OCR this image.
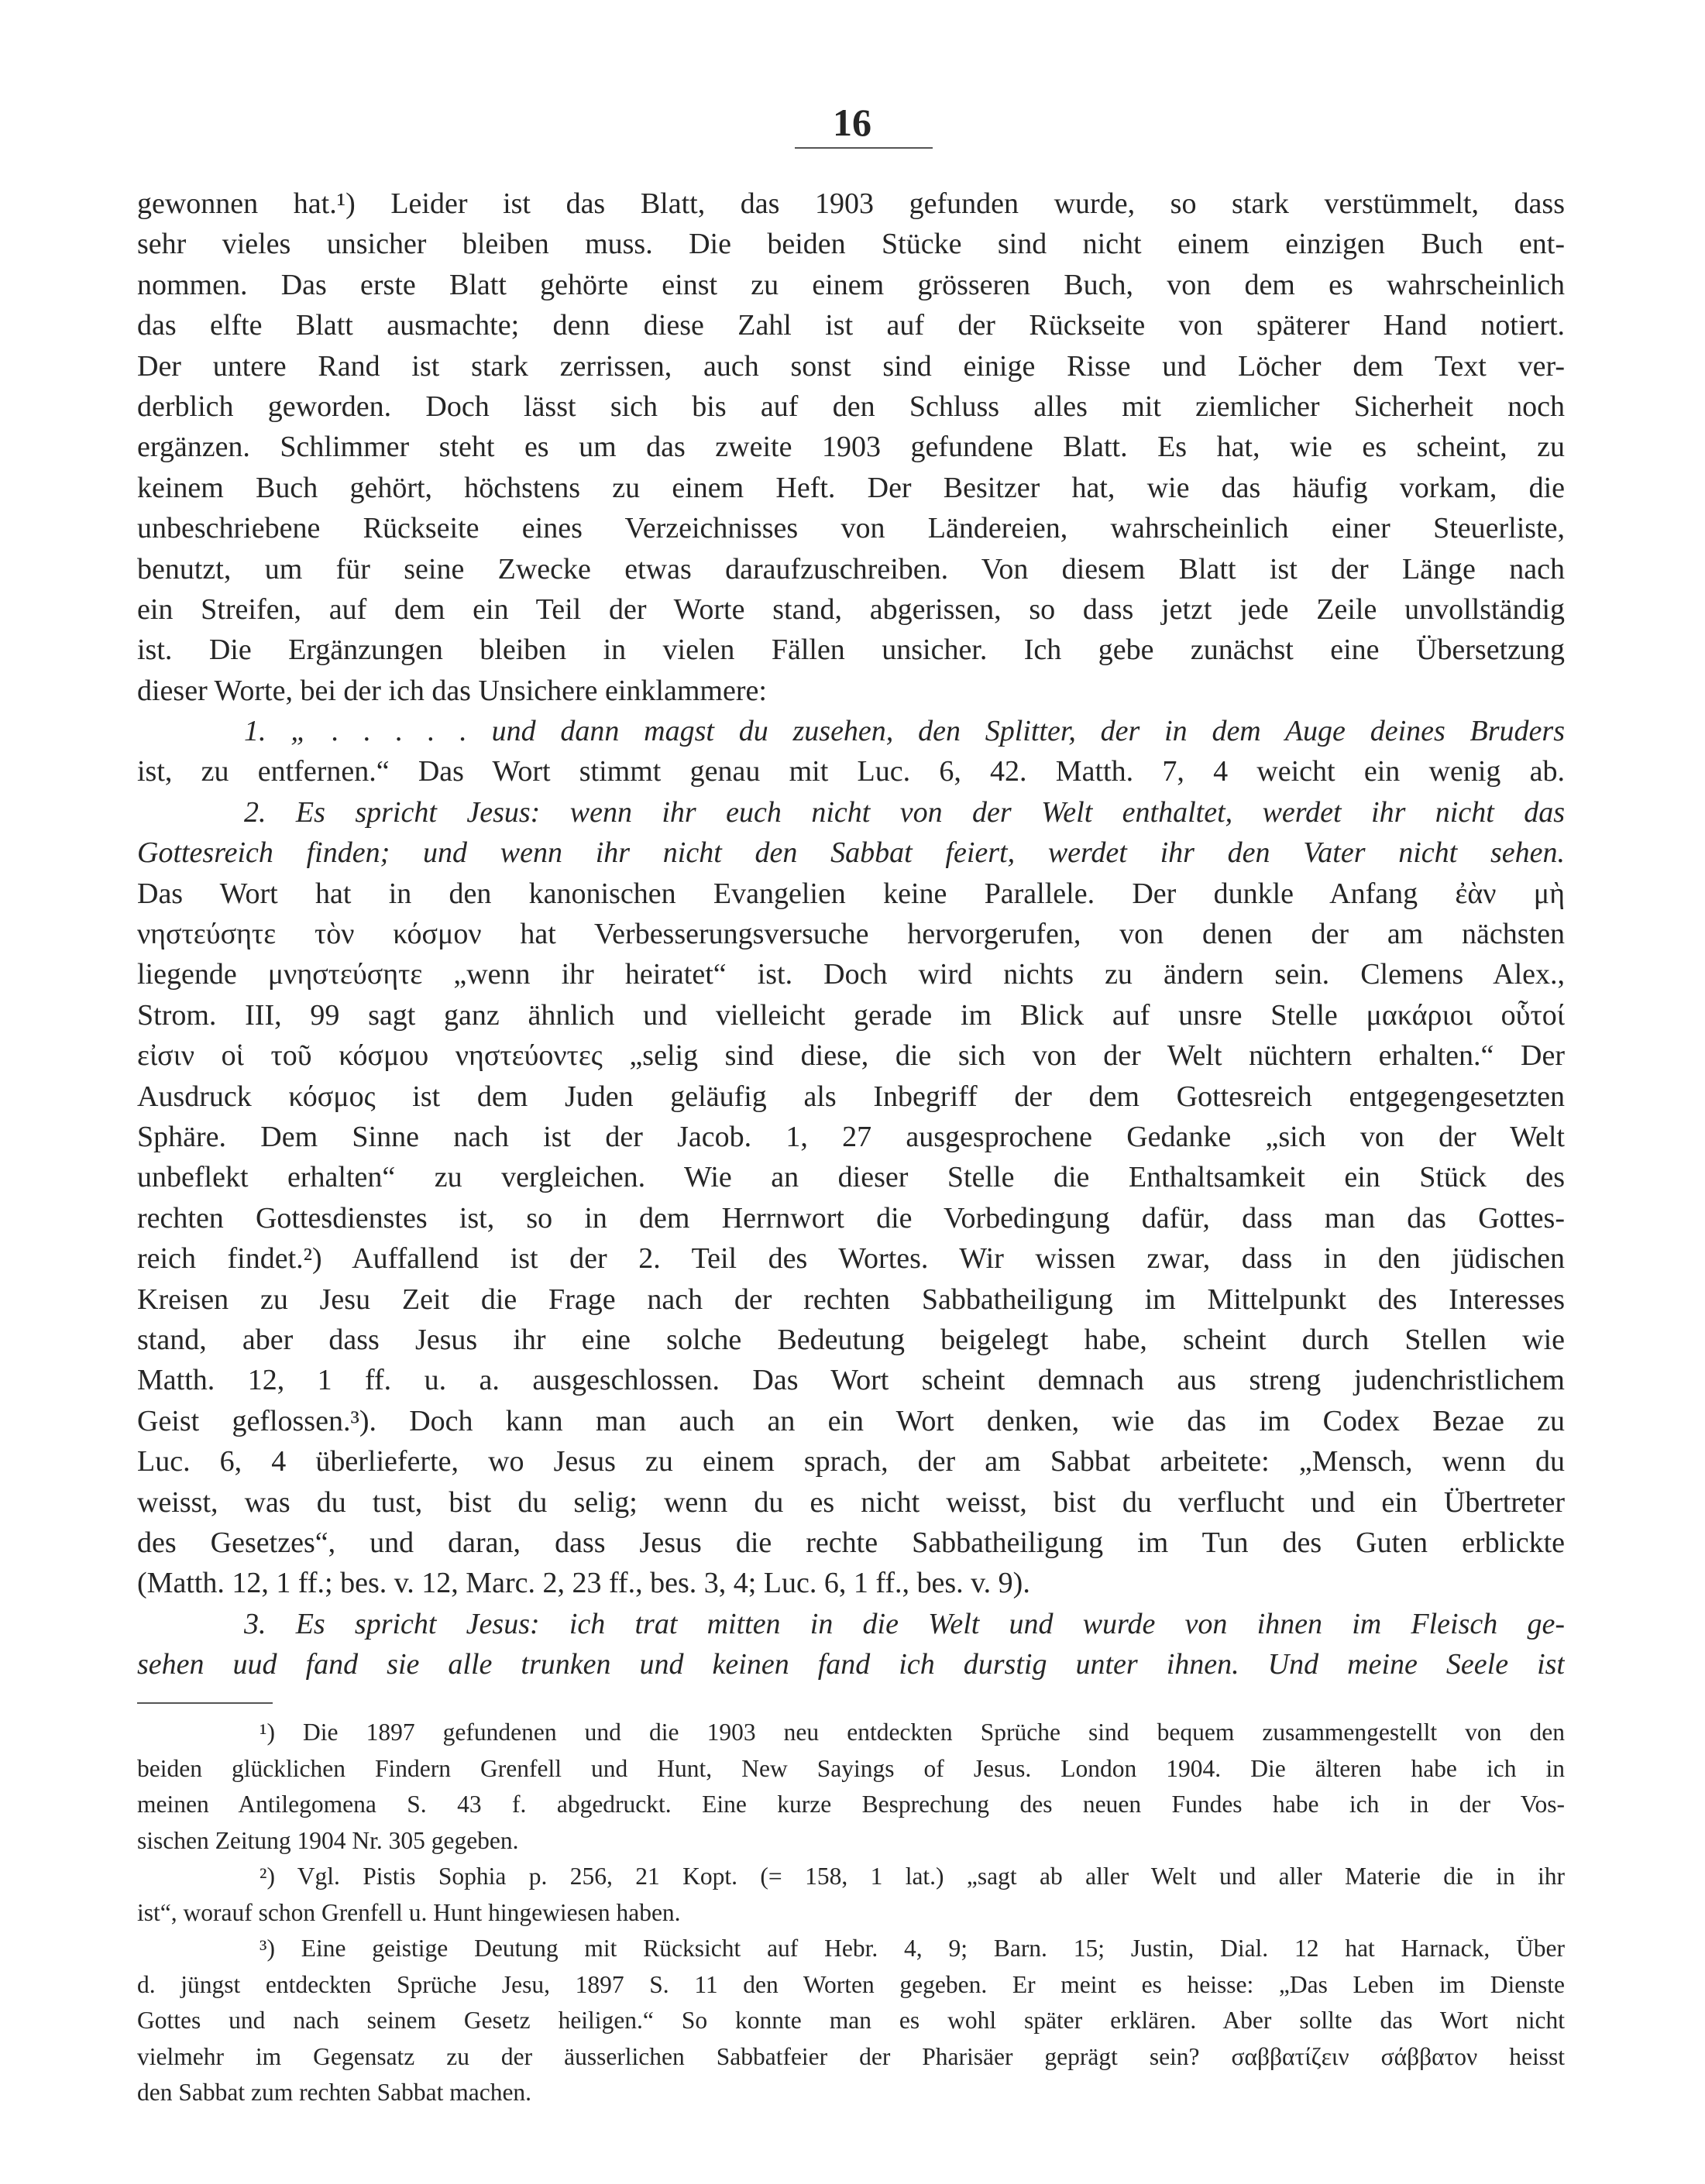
16
gewonnen hat.¹) Leider ist das Blatt, das 1903 gefunden wurde, so stark verstümmelt, dass
sehr vieles unsicher bleiben muss. Die beiden Stücke sind nicht einem einzigen Buch ent-
nommen. Das erste Blatt gehörte einst zu einem grösseren Buch, von dem es wahrscheinlich
das elfte Blatt ausmachte; denn diese Zahl ist auf der Rückseite von späterer Hand notiert.
Der untere Rand ist stark zerrissen, auch sonst sind einige Risse und Löcher dem Text ver-
derblich geworden. Doch lässt sich bis auf den Schluss alles mit ziemlicher Sicherheit noch
ergänzen. Schlimmer steht es um das zweite 1903 gefundene Blatt. Es hat, wie es scheint, zu
keinem Buch gehört, höchstens zu einem Heft. Der Besitzer hat, wie das häufig vorkam, die
unbeschriebene Rückseite eines Verzeichnisses von Ländereien, wahrscheinlich einer Steuerliste,
benutzt, um für seine Zwecke etwas daraufzuschreiben. Von diesem Blatt ist der Länge nach
ein Streifen, auf dem ein Teil der Worte stand, abgerissen, so dass jetzt jede Zeile unvollständig
ist. Die Ergänzungen bleiben in vielen Fällen unsicher. Ich gebe zunächst eine Übersetzung
dieser Worte, bei der ich das Unsichere einklammere:
1. „ . . . . . und dann magst du zusehen, den Splitter, der in dem Auge deines Bruders
ist, zu entfernen.“ Das Wort stimmt genau mit Luc. 6, 42. Matth. 7, 4 weicht ein wenig ab.
2. Es spricht Jesus: wenn ihr euch nicht von der Welt enthaltet, werdet ihr nicht das
Gottesreich finden; und wenn ihr nicht den Sabbat feiert, werdet ihr den Vater nicht sehen.
Das Wort hat in den kanonischen Evangelien keine Parallele. Der dunkle Anfang ἐὰν μὴ
νηστεύσητε τὸν κόσμον hat Verbesserungsversuche hervorgerufen, von denen der am nächsten
liegende μνηστεύσητε „wenn ihr heiratet“ ist. Doch wird nichts zu ändern sein. Clemens Alex.,
Strom. III, 99 sagt ganz ähnlich und vielleicht gerade im Blick auf unsre Stelle μακάριοι οὗτοί
εἰσιν οἱ τοῦ κόσμου νηστεύοντες „selig sind diese, die sich von der Welt nüchtern erhalten.“ Der
Ausdruck κόσμος ist dem Juden geläufig als Inbegriff der dem Gottesreich entgegengesetzten
Sphäre. Dem Sinne nach ist der Jacob. 1, 27 ausgesprochene Gedanke „sich von der Welt
unbeflekt erhalten“ zu vergleichen. Wie an dieser Stelle die Enthaltsamkeit ein Stück des
rechten Gottesdienstes ist, so in dem Herrnwort die Vorbedingung dafür, dass man das Gottes-
reich findet.²) Auffallend ist der 2. Teil des Wortes. Wir wissen zwar, dass in den jüdischen
Kreisen zu Jesu Zeit die Frage nach der rechten Sabbatheiligung im Mittelpunkt des Interesses
stand, aber dass Jesus ihr eine solche Bedeutung beigelegt habe, scheint durch Stellen wie
Matth. 12, 1 ff. u. a. ausgeschlossen. Das Wort scheint demnach aus streng judenchristlichem
Geist geflossen.³). Doch kann man auch an ein Wort denken, wie das im Codex Bezae zu
Luc. 6, 4 überlieferte, wo Jesus zu einem sprach, der am Sabbat arbeitete: „Mensch, wenn du
weisst, was du tust, bist du selig; wenn du es nicht weisst, bist du verflucht und ein Übertreter
des Gesetzes“, und daran, dass Jesus die rechte Sabbatheiligung im Tun des Guten erblickte
(Matth. 12, 1 ff.; bes. v. 12, Marc. 2, 23 ff., bes. 3, 4; Luc. 6, 1 ff., bes. v. 9).
3. Es spricht Jesus: ich trat mitten in die Welt und wurde von ihnen im Fleisch ge-
sehen uud fand sie alle trunken und keinen fand ich durstig unter ihnen. Und meine Seele ist
¹) Die 1897 gefundenen und die 1903 neu entdeckten Sprüche sind bequem zusammengestellt von den
beiden glücklichen Findern Grenfell und Hunt, New Sayings of Jesus. London 1904. Die älteren habe ich in
meinen Antilegomena S. 43 f. abgedruckt. Eine kurze Besprechung des neuen Fundes habe ich in der Vos-
sischen Zeitung 1904 Nr. 305 gegeben.
²) Vgl. Pistis Sophia p. 256, 21 Kopt. (= 158, 1 lat.) „sagt ab aller Welt und aller Materie die in ihr
ist“, worauf schon Grenfell u. Hunt hingewiesen haben.
³) Eine geistige Deutung mit Rücksicht auf Hebr. 4, 9; Barn. 15; Justin, Dial. 12 hat Harnack, Über
d. jüngst entdeckten Sprüche Jesu, 1897 S. 11 den Worten gegeben. Er meint es heisse: „Das Leben im Dienste
Gottes und nach seinem Gesetz heiligen.“ So konnte man es wohl später erklären. Aber sollte das Wort nicht
vielmehr im Gegensatz zu der äusserlichen Sabbatfeier der Pharisäer geprägt sein? σαββατίζειν σάββατον heisst
den Sabbat zum rechten Sabbat machen.
